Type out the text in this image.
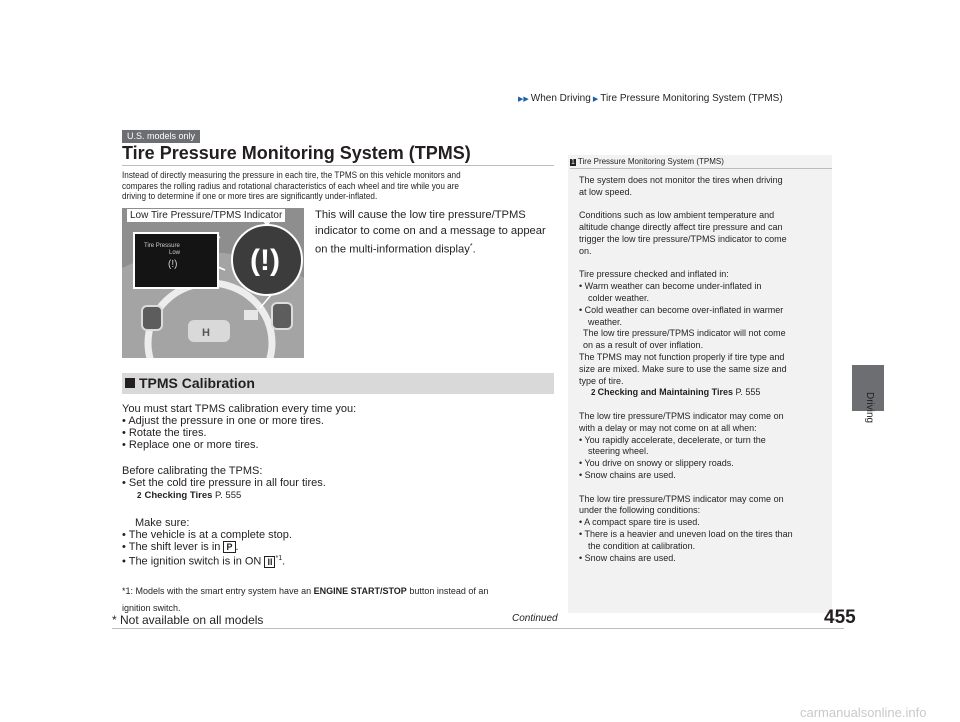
▶▶ When Driving ▶ Tire Pressure Monitoring System (TPMS)
Driving
U.S. models only
Tire Pressure Monitoring System (TPMS)
Instead of directly measuring the pressure in each tire, the TPMS on this vehicle monitors and
compares the rolling radius and rotational characteristics of each wheel and tire while you are
driving to determine if one or more tires are significantly under-inflated.
H
Tire Pressure
Low
(!)
*
(!)
Low Tire Pressure/TPMS Indicator	This will cause the low tire pressure/TPMS
indicator to come on and a message to appear
on the multi-information display*.
TPMS Calibration
You must start TPMS calibration every time you:
• Adjust the pressure in one or more tires.
• Rotate the tires.
• Replace one or more tires.
Before calibrating the TPMS:
• Set the cold tire pressure in all four tires.
2 Checking Tires P. 555
Make sure:
• The vehicle is at a complete stop.
• The shift lever is in P .
• The ignition switch is in ON II $^{*1}$.
*1: Models with the smart entry system have an ENGINE START/STOP button instead of an
ignition switch.
1 Tire Pressure Monitoring System (TPMS)

The system does not monitor the tires when driving

at low speed.

Conditions such as low ambient temperature and

altitude change directly affect tire pressure and can

trigger the low tire pressure/TPMS indicator to come

on.

Tire pressure checked and inflated in:

• Warm weather can become under-inflated in

colder weather.

• Cold weather can become over-inflated in warmer

weather.

The low tire pressure/TPMS indicator will not come

on as a result of over inflation.

The TPMS may not function properly if tire type and

size are mixed. Make sure to use the same size and

type of tire.

2 Checking and Maintaining Tires P. 555

The low tire pressure/TPMS indicator may come on

with a delay or may not come on at all when:

• You rapidly accelerate, decelerate, or turn the

steering wheel.

• You drive on snowy or slippery roads.

• Snow chains are used.

The low tire pressure/TPMS indicator may come on

under the following conditions:

• A compact spare tire is used.

• There is a heavier and uneven load on the tires than

the condition at calibration.

• Snow chains are used.

455
Continued
* Not available on all models
carmanualsonline.info
